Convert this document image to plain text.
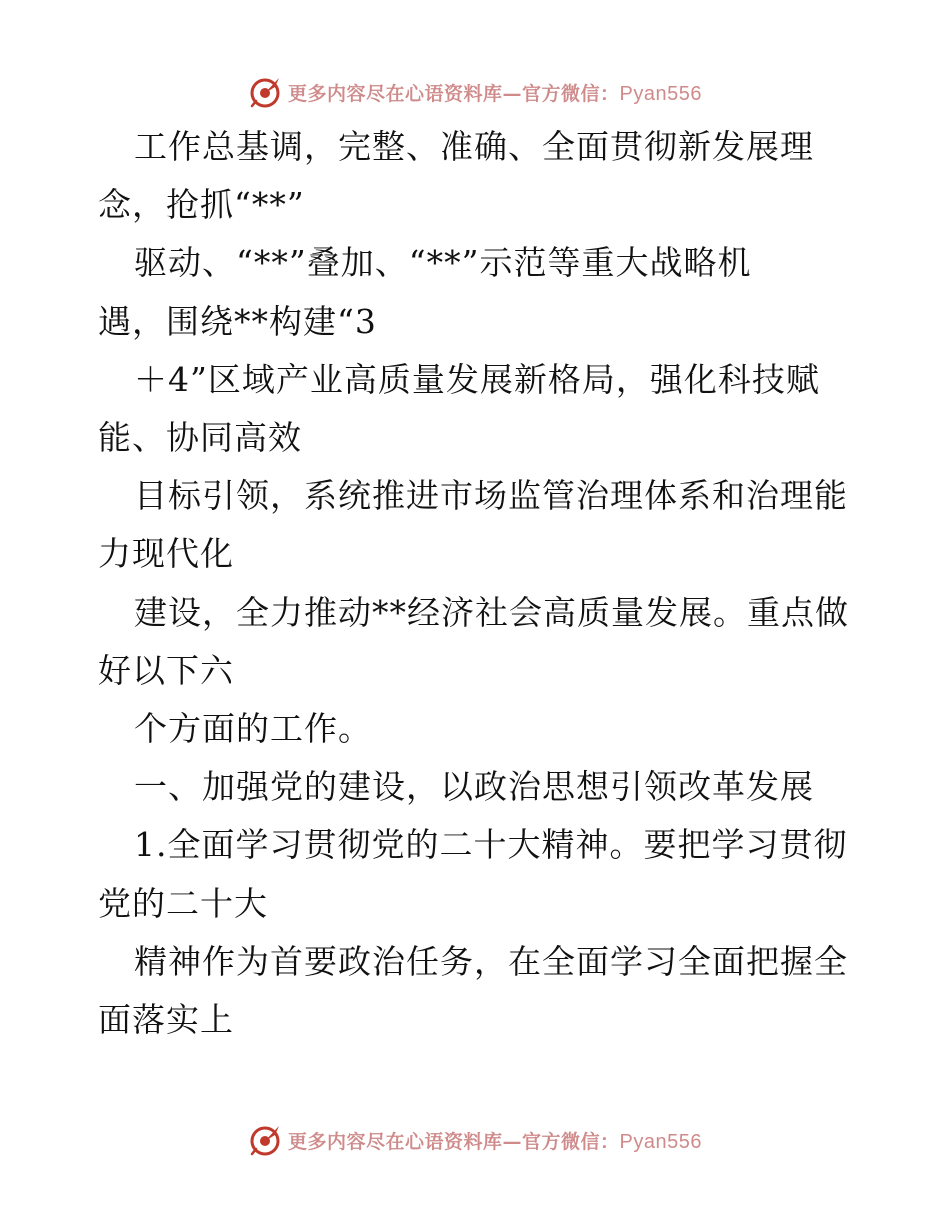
更多内容尽在心语资料库—官方微信：Pyan556
工作总基调，完整、准确、全面贯彻新发展理
念，抢抓“**”
驱动、“**”叠加、“**”示范等重大战略机
遇，围绕**构建“3
＋4”区域产业高质量发展新格局，强化科技赋
能、协同高效
目标引领，系统推进市场监管治理体系和治理能
力现代化
建设，全力推动**经济社会高质量发展。重点做
好以下六
个方面的工作。
一、加强党的建设，以政治思想引领改革发展
1.全面学习贯彻党的二十大精神。要把学习贯彻
党的二十大
精神作为首要政治任务，在全面学习全面把握全
面落实上
更多内容尽在心语资料库—官方微信：Pyan556
